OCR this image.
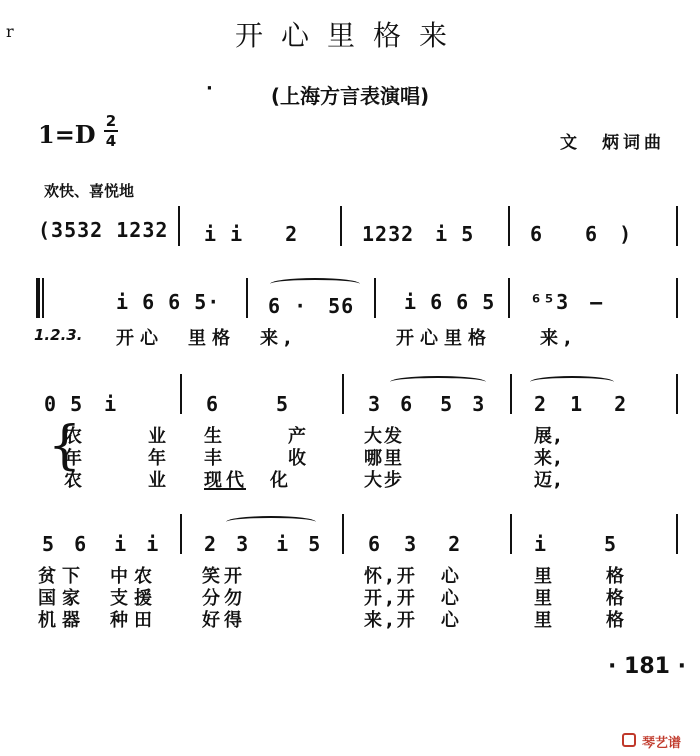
r	开心里格来
·	(上海方言表演唱)
$1=D \frac{2}{4}$	文　炳词曲
欢快、喜悦地
(3532 1232 i i　　2	1232　i 5	6　　6　)
i 6 6 5· 6 ·　56 i 6 6 5 ⁶⁵3　–
1.2.3. 开心　里格　来,	开心里格　　来,
0 5　i	6　　5	3 6　5 3 2 1　2
{
农　　业 生　　产	大发	展,
年　　年 丰　　收	哪里	来,
农　　业 现代　化	大步	迈,
5 6　i i 2 3　i 5 6 3　2	i　　5
贫下　中农 笑开	怀,开　心	里　　格
国家　支援 分勿	开,开　心	里　　格
机器　种田 好得	来,开　心	里　　格
· 181 ·
琴艺谱
